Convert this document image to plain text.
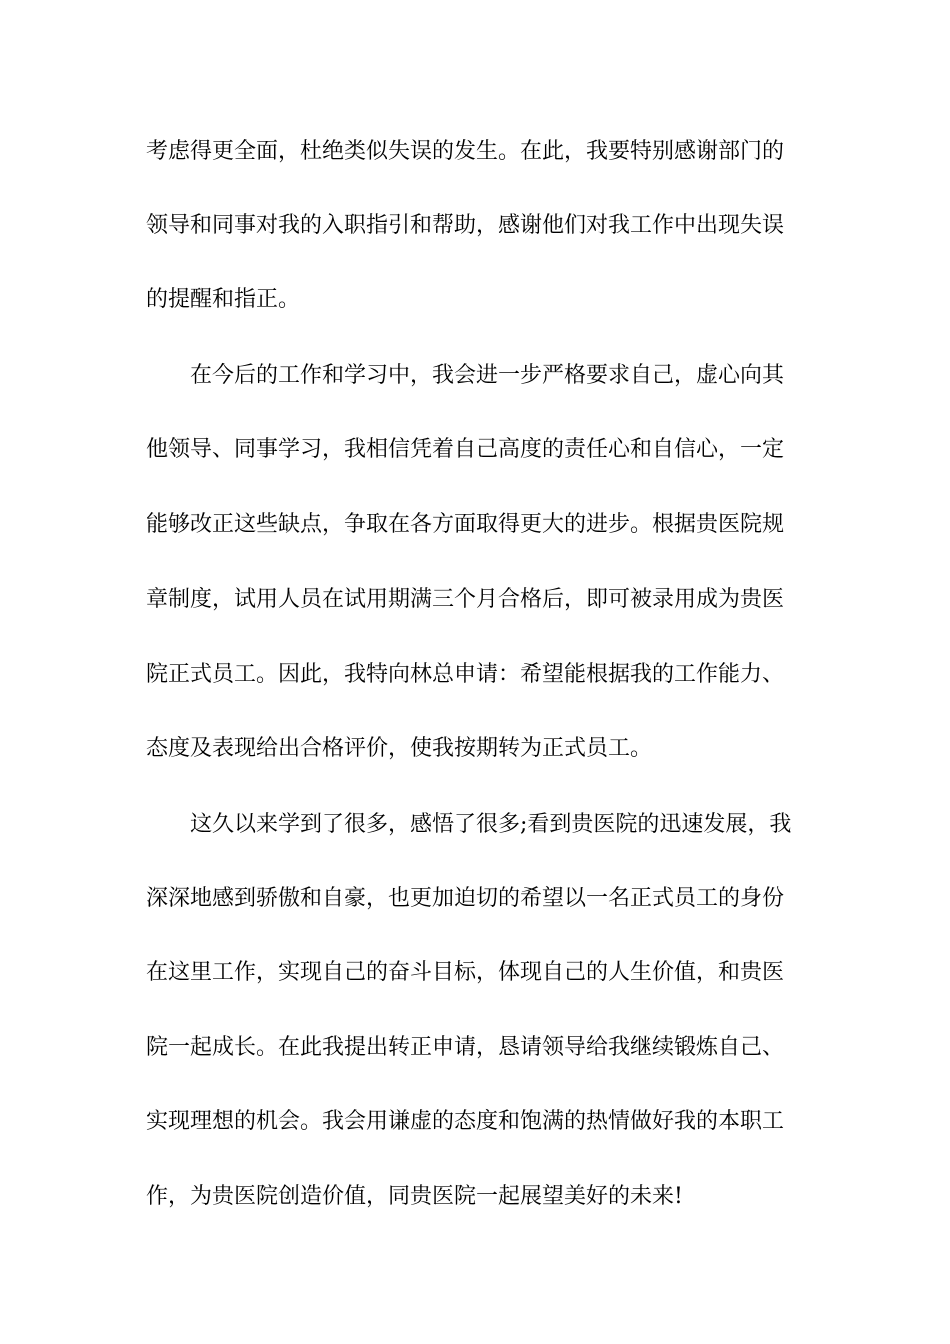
考虑得更全面，杜绝类似失误的发生。在此，我要特别感谢部门的
领导和同事对我的入职指引和帮助，感谢他们对我工作中出现失误
的提醒和指正。
在今后的工作和学习中，我会进一步严格要求自己，虚心向其
他领导、同事学习，我相信凭着自己高度的责任心和自信心，一定
能够改正这些缺点，争取在各方面取得更大的进步。根据贵医院规
章制度，试用人员在试用期满三个月合格后，即可被录用成为贵医
院正式员工。因此，我特向林总申请：希望能根据我的工作能力、
态度及表现给出合格评价，使我按期转为正式员工。
这久以来学到了很多，感悟了很多;看到贵医院的迅速发展，我
深深地感到骄傲和自豪，也更加迫切的希望以一名正式员工的身份
在这里工作，实现自己的奋斗目标，体现自己的人生价值，和贵医
院一起成长。在此我提出转正申请，恳请领导给我继续锻炼自己、
实现理想的机会。我会用谦虚的态度和饱满的热情做好我的本职工
作，为贵医院创造价值，同贵医院一起展望美好的未来!
